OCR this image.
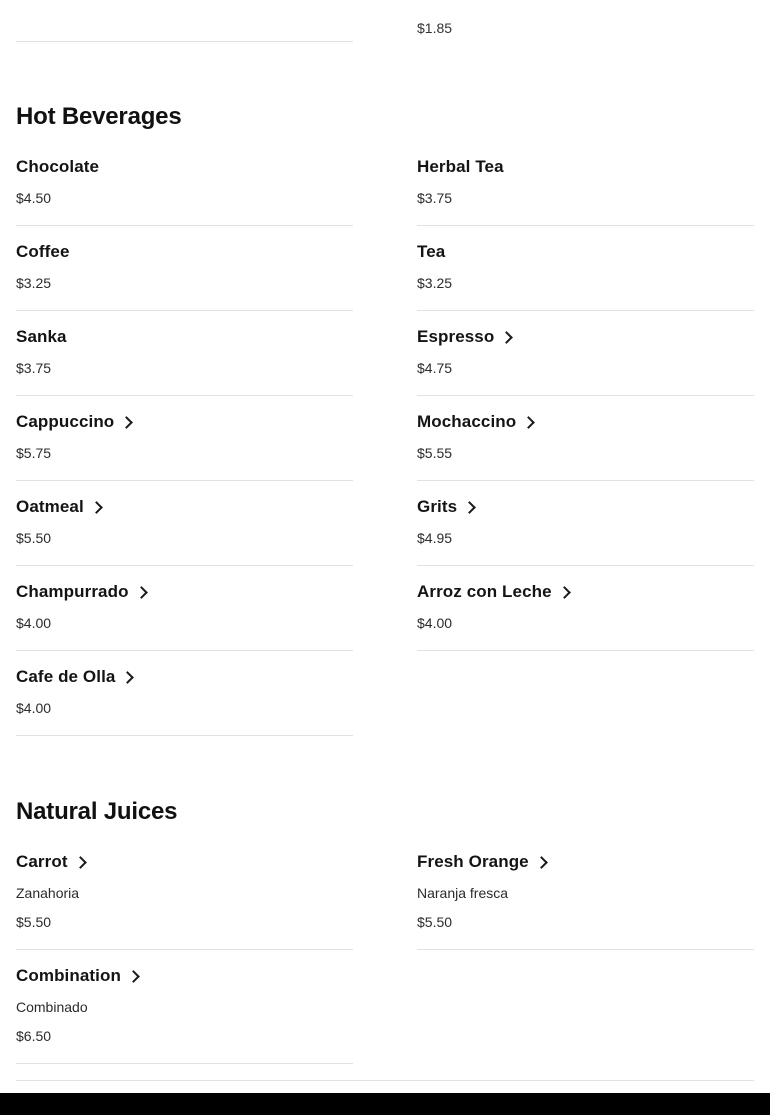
$1.85
Hot Beverages
Chocolate
$4.50
Coffee
$3.25
Sanka
$3.75
Cappuccino
$5.75
Oatmeal
$5.50
Champurrado
$4.00
Cafe de Olla
$4.00
Herbal Tea
$3.75
Tea
$3.25
Espresso
$4.75
Mochaccino
$5.55
Grits
$4.95
Arroz con Leche
$4.00
Natural Juices
Carrot
Zanahoria
$5.50
Combination
Combinado
$6.50
Fresh Orange
Naranja fresca
$5.50
